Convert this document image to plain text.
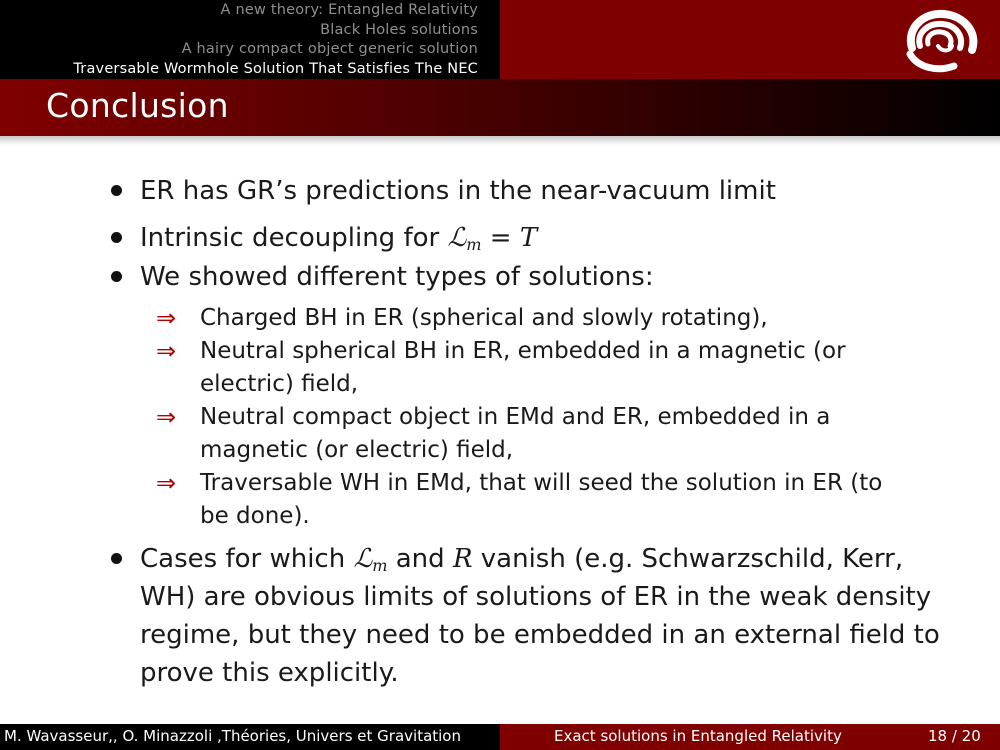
A new theory: Entangled Relativity
Black Holes solutions
A hairy compact object generic solution
Traversable Wormhole Solution That Satisfies The NEC
Conclusion
ER has GR’s predictions in the near-vacuum limit
Intrinsic decoupling for ℒ$_m$ = T
We showed different types of solutions:
⇒ Charged BH in ER (spherical and slowly rotating),
⇒ Neutral spherical BH in ER, embedded in a magnetic (or
electric) field,
⇒ Neutral compact object in EMd and ER, embedded in a
magnetic (or electric) field,
⇒ Traversable WH in EMd, that will seed the solution in ER (to
be done).
Cases for which ℒ$_m$ and R vanish (e.g. Schwarzschild, Kerr,
WH) are obvious limits of solutions of ER in the weak density
regime, but they need to be embedded in an external field to
prove this explicitly.
M. Wavasseur,, O. Minazzoli ,Théories, Univers et Gravitation	Exact solutions in Entangled Relativity	18 / 20
